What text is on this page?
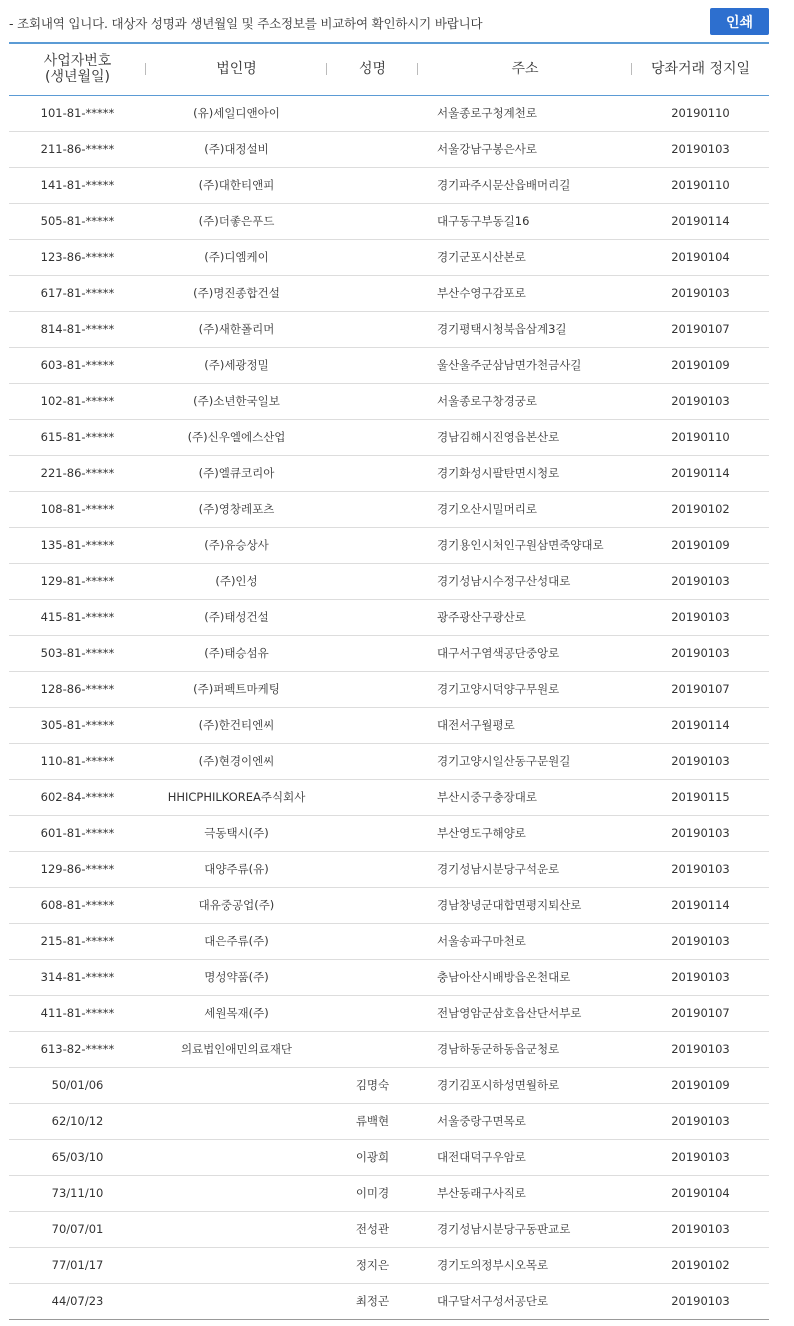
- 조회내역 입니다. 대상자 성명과 생년월일 및 주소정보를 비교하여 확인하시기 바랍니다	인쇄
사업자번호
(생년월일)	법인명	성명	주소	당좌거래 정지일
101-81-*****	(유)세일디앤아이		서울종로구청계천로	20190110
211-86-*****	(주)대정설비		서울강남구봉은사로	20190103
141-81-*****	(주)대한티앤피		경기파주시문산읍배머리길	20190110
505-81-*****	(주)더좋은푸드		대구동구부동길16	20190114
123-86-*****	(주)디엠케이		경기군포시산본로	20190104
617-81-*****	(주)명진종합건설		부산수영구감포로	20190103
814-81-*****	(주)새한폴리머		경기평택시청북읍삼계3길	20190107
603-81-*****	(주)세광정밀		울산울주군삼남면가천금사길	20190109
102-81-*****	(주)소년한국일보		서울종로구창경궁로	20190103
615-81-*****	(주)신우엘에스산업		경남김해시진영읍본산로	20190110
221-86-*****	(주)엘큐코리아		경기화성시팔탄면시청로	20190114
108-81-*****	(주)영창레포츠		경기오산시밀머리로	20190102
135-81-*****	(주)유승상사		경기용인시처인구원삼면죽양대로	20190109
129-81-*****	(주)인성		경기성남시수정구산성대로	20190103
415-81-*****	(주)태성건설		광주광산구광산로	20190103
503-81-*****	(주)태승섬유		대구서구염색공단중앙로	20190103
128-86-*****	(주)퍼펙트마케팅		경기고양시덕양구무원로	20190107
305-81-*****	(주)한건티엔씨		대전서구월평로	20190114
110-81-*****	(주)현경이엔씨		경기고양시일산동구문원길	20190103
602-84-*****	HHICPHILKOREA주식회사		부산시중구충장대로	20190115
601-81-*****	극동택시(주)		부산영도구해양로	20190103
129-86-*****	대양주류(유)		경기성남시분당구석운로	20190103
608-81-*****	대유중공업(주)		경남창녕군대합면평지퇴산로	20190114
215-81-*****	대은주류(주)		서울송파구마천로	20190103
314-81-*****	명성약품(주)		충남아산시배방읍온천대로	20190103
411-81-*****	세원목재(주)		전남영암군삼호읍산단서부로	20190107
613-82-*****	의료법인애민의료재단		경남하동군하동읍군청로	20190103
50/01/06		김명숙	경기김포시하성면월하로	20190109
62/10/12		류백현	서울중랑구면목로	20190103
65/03/10		이광희	대전대덕구우암로	20190103
73/11/10		이미경	부산동래구사직로	20190104
70/07/01		전성관	경기성남시분당구동판교로	20190103
77/01/17		정지은	경기도의정부시오목로	20190102
44/07/23		최정곤	대구달서구성서공단로	20190103
